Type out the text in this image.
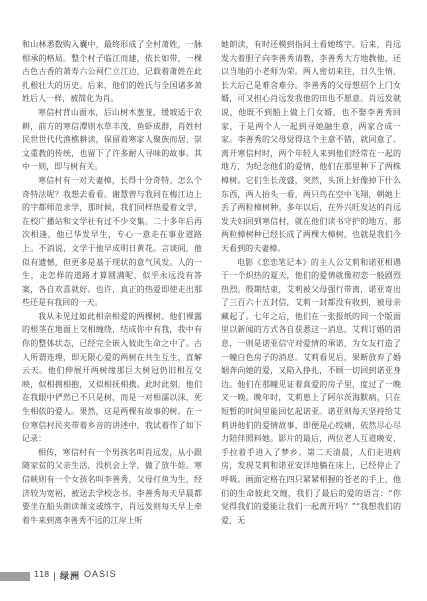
和山林悉数购入囊中，最终形成了全村萧姓，一脉相承的格局。整个村子临江而建，依长如带，一棵古色古香的萧寿六公祠伫立江边，记载着萧姓在此扎根壮大的历史。后来，他们的姓氏与全国诸多萧姓后人一样，被简化为肖。

寒信村背山面水，后山树木葱茏，缓坡适于农耕，前方的寒信潭则水草丰茂，鱼虾成群，肖姓村民世世代代渔樵耕读，保留着寒家人聚族而居、崇文重教的传统，也留下了许多耐人寻味的故事。其中一则，即与树有关。

寒信村有一对夫妻樟，长得十分奇特。怎么个奇特法呢？我想去看看。谢慧曾与我同在梅江边上的字都师范求学，那时候，我们同样热爱着文学，在校广播站和文学社有过不少交集。二十多年后再次相逢，他已华发早生，专心一意走在事业道路上。不消说，文学于他早成明日黄花。言谈间，他似有遗憾，但更多是基于现状的意气风发。人的一生，走怎样的道路才算圆满呢，似乎永远没有答案，各自欢喜就好。也许，真正的热爱即使走出那些还是有我回的一天。

我从未见过如此相亲相爱的两棵树。他们裸露的根茎在地面上交相缠绕，结成你中有我，我中有你的整体状态，已经完全嵌入彼此生命之中了。古人所谓连理，即无限心爱的两树在共生互生，直解云天。他们伸展开两树缘那巨大树冠仍旧相互交映，似相拥相抱，又似相抚相携。此时此刻，他们在我眼中俨然已不只是树，而是一对相濡以沫，死生相依的爱人。果然，这是两棵有故事的树。在一位寒信村民夹带着乡音的讲述中，我试着作了如下记录：

相传，寒信村有一个男孩名叫肖远发，从小跟随家贫的父亲生活，没机会上学，做了放牛娃。寒信峡则有一个女孩名叫李善秀，父母打鱼为生，经济较为宽裕，被送去学校念书。李善秀每天早晨都要坐在船头朗读课文或练字，肖远发则每天早上牵着牛来到离李善秀不远的江岸上听

她朗读，有时还模到指间土看她练字。后来，肖远发大着胆子向李善秀请教，李善秀大方地教他，还以当地的小老师为荣。两人密切来往，日久生情，长大后已是难舍难分。李善秀的父母想招个上门女婿，可又担心肖远发我他的田也不愿意。肖远发就说，他既不到船上做上门女婿，也不娶李善秀回家，于是两个人一起到寻她融生意，两家合成一家。李善秀的父母觉得这个主意不错，就同意了。离开寒信村时，两个年轻人来到他们经常在一起的地方，为纪念他们的爱情，他们在那里种下了两株樟树。它们生长茂盛，突然，头顶上好像掉下什么东西，两人抬头一看，两只鸟在空中飞翔，朝她上丢了两粒樟树种。多年以后，在外兴旺发达的肖远发夫妇回到寒信村，就在他们读书守护的地方，那两粒樟树种已经长成了两棵大樟树，也就是我们今天看到的夫妻樟。

电影《恋恋笔记本》的主人公艾莉和诺亚相遇于一个炽热的夏天，他们的爱情就像初恋一般剧烈热烈。殷期结束，艾莉被父母强行带离，诺亚寄出了三百六十五封信，艾莉一封都没有收到，被母亲藏起了。七年之后，他们在一张报纸的同一个版面里以新闻的方式各自获悉这一消息，艾莉订婚的消息，一则是诺亚信守对爱情的承诺，为女友打造了一幢白色房子的消息。艾莉看见后，果断放弃了婚姻奔向她的爱，又陷入挣扎，不顾一切回到诺亚身边。他们在那幢见证着真爱的房子里，度过了一晚又一晚。晚年时，艾莉患上了阿尔茨海默病，只在短暂的时间里能回忆起诺亚。诺亚则每天坚持给艾莉讲他们的爱情故事，即便是心绞痛，依然尽心尽力陪伴照料她。影片的最后，两位老人互道晚安，手拉着手进入了梦乡。第二天清晨，人们走进病房，发现艾莉和诺亚安详地躺在床上，已经停止了呼吸。画面定格在四只紧紧相握的苍老的手上，他们的生命彼此交缠，我们了最后的爱的语言：“你觉得我们的爱能让我们一起离开吗？”“我想我们的爱，无

118 绿洲 OASIS
